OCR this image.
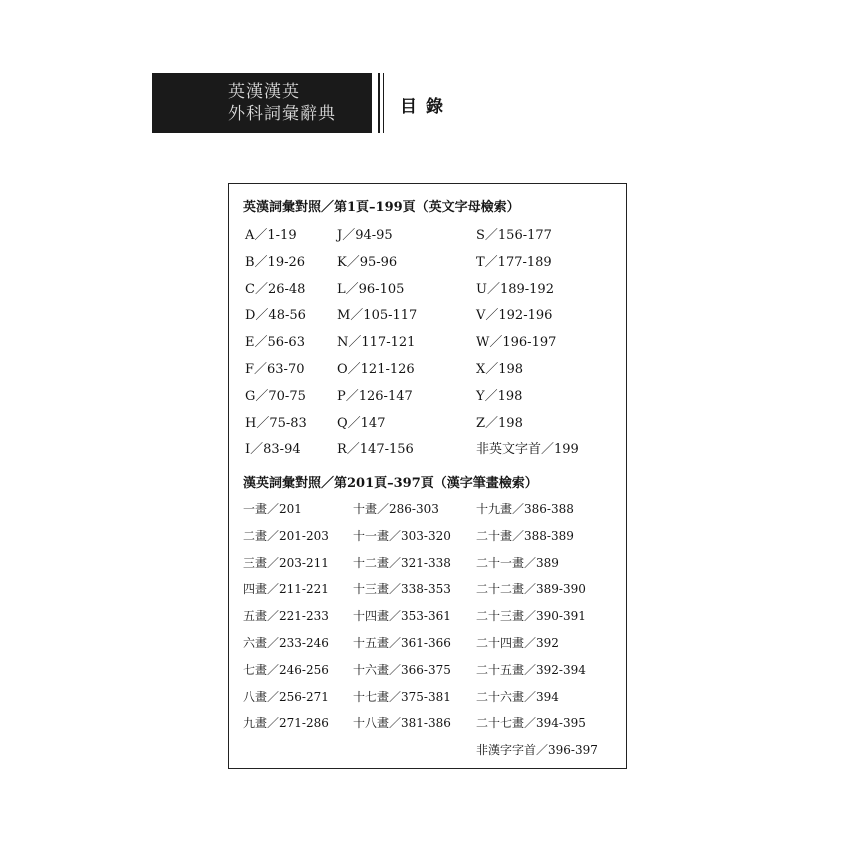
英漢漢英
外科詞彙辭典	目錄
英漢詞彙對照／第1頁–199頁（英文字母檢索）
A／1-19
B／19-26
C／26-48
D／48-56
E／56-63
F／63-70
G／70-75
H／75-83
I／83-94
J／94-95
K／95-96
L／96-105
M／105-117
N／117-121
O／121-126
P／126-147
Q／147
R／147-156
S／156-177
T／177-189
U／189-192
V／192-196
W／196-197
X／198
Y／198
Z／198
非英文字首／199
漢英詞彙對照／第201頁–397頁（漢字筆畫檢索）
一畫／201
二畫／201-203
三畫／203-211
四畫／211-221
五畫／221-233
六畫／233-246
七畫／246-256
八畫／256-271
九畫／271-286
十畫／286-303
十一畫／303-320
十二畫／321-338
十三畫／338-353
十四畫／353-361
十五畫／361-366
十六畫／366-375
十七畫／375-381
十八畫／381-386
十九畫／386-388
二十畫／388-389
二十一畫／389
二十二畫／389-390
二十三畫／390-391
二十四畫／392
二十五畫／392-394
二十六畫／394
二十七畫／394-395
非漢字字首／396-397
